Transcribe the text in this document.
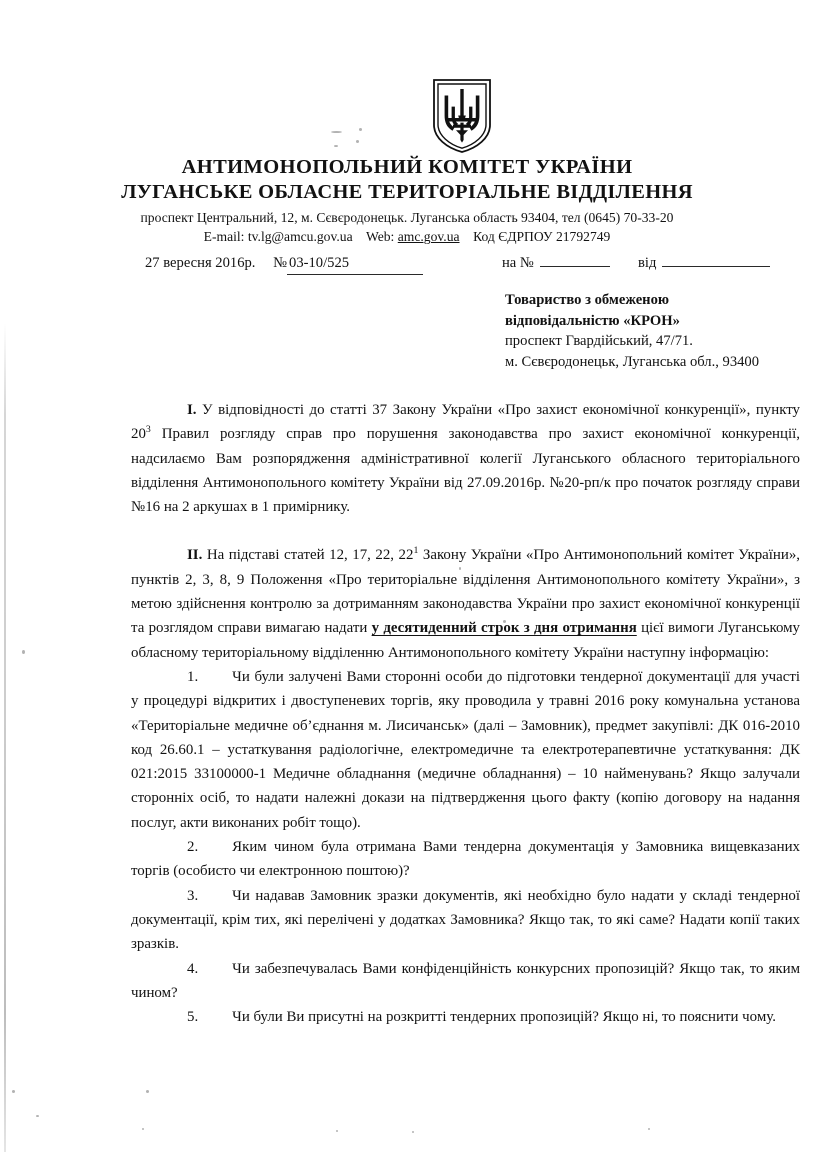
АНТИМОНОПОЛЬНИЙ КОМІТЕТ УКРАЇНИ
ЛУГАНСЬКЕ ОБЛАСНЕ ТЕРИТОРІАЛЬНЕ ВІДДІЛЕННЯ
проспект Центральний, 12, м. Сєвєродонецьк. Луганська область 93404, тел (0645) 70-33-20
E-mail: tv.lg@amcu.gov.ua Web: amc.gov.ua Код ЄДРПОУ 21792749
27 вересня 2016р. № 03-10/525	на №	від
Товариство з обмеженою
відповідальністю «КРОН»
проспект Гвардійський, 47/71.
м. Сєвєродонецьк, Луганська обл., 93400

I. У відповідності до статті 37 Закону України «Про захист економічної конкуренції», пункту $20^3$ Правил розгляду справ про порушення законодавства про захист економічної конкуренції, надсилаємо Вам розпорядження адміністративної колегії Луганського обласного територіального відділення Антимонопольного комітету України від 27.09.2016р. №20-рп/к про початок розгляду справи №16 на 2 аркушах в 1 примірнику.

II. На підставі статей 12, 17, 22, $22^1$ Закону України «Про Антимонопольний комітет України», пунктів 2, 3, 8, 9 Положення «Про територіальне відділення Антимонопольного комітету України», з метою здійснення контролю за дотриманням законодавства України про захист економічної конкуренції та розглядом справи вимагаю надати у десятиденний строк з дня отримання цієї вимоги Луганському обласному територіальному відділенню Антимонопольного комітету України наступну інформацію:

1. Чи були залучені Вами сторонні особи до підготовки тендерної документації для участі у процедурі відкритих і двоступеневих торгів, яку проводила у травні 2016 року комунальна установа «Територіальне медичне об’єднання м. Лисичанськ» (далі – Замовник), предмет закупівлі: ДК 016-2010 код 26.60.1 – устаткування радіологічне, електромедичне та електротерапевтичне устаткування: ДК 021:2015 33100000-1 Медичне обладнання (медичне обладнання) – 10 найменувань? Якщо залучали сторонніх осіб, то надати належні докази на підтвердження цього факту (копію договору на надання послуг, акти виконаних робіт тощо).

2. Яким чином була отримана Вами тендерна документація у Замовника вищевказаних торгів (особисто чи електронною поштою)?

3. Чи надавав Замовник зразки документів, які необхідно було надати у складі тендерної документації, крім тих, які перелічені у додатках Замовника? Якщо так, то які саме? Надати копії таких зразків.

4. Чи забезпечувалась Вами конфіденційність конкурсних пропозицій? Якщо так, то яким чином?

5. Чи були Ви присутні на розкритті тендерних пропозицій? Якщо ні, то пояснити чому.
